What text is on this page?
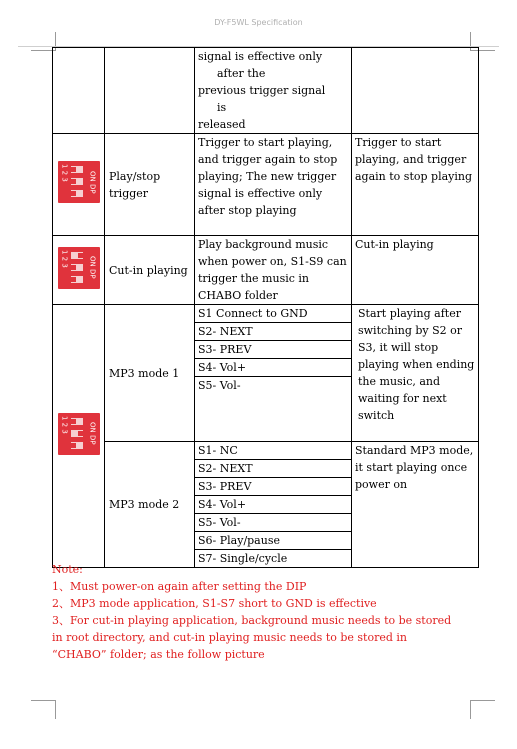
DY-F5WL Specification
		signal is effective only
after the
previous trigger signal
is
released	

1 2 3 ON DP	Play/stop trigger	Trigger to start playing, and trigger again to stop playing; The new trigger signal is effective only after stop playing	Trigger to start playing, and trigger again to stop playing

1 2 3 ON DP	Cut-in playing	Play background music when power on, S1-S9 can trigger the music in CHABO folder	Cut-in playing

1 2 3 ON DP	MP3 mode 1	S1 Connect to GND	Start playing after switching by S2 or S3, it will stop playing when ending the music, and waiting for next switch
		S2- NEXT	
		S3- PREV	
		S4- Vol+	
		S5- Vol-	
	MP3 mode 2	S1- NC	Standard MP3 mode, it start playing once power on
		S2- NEXT	
		S3- PREV	
		S4- Vol+	
		S5- Vol-	
		S6- Play/pause	
		S7- Single/cycle	
Note:
1、Must power-on again after setting the DIP
2、MP3 mode application, S1-S7 short to GND is effective
3、For cut-in playing application, background music needs to be stored
in root directory, and cut-in playing music needs to be stored in
“CHABO” folder; as the follow picture
